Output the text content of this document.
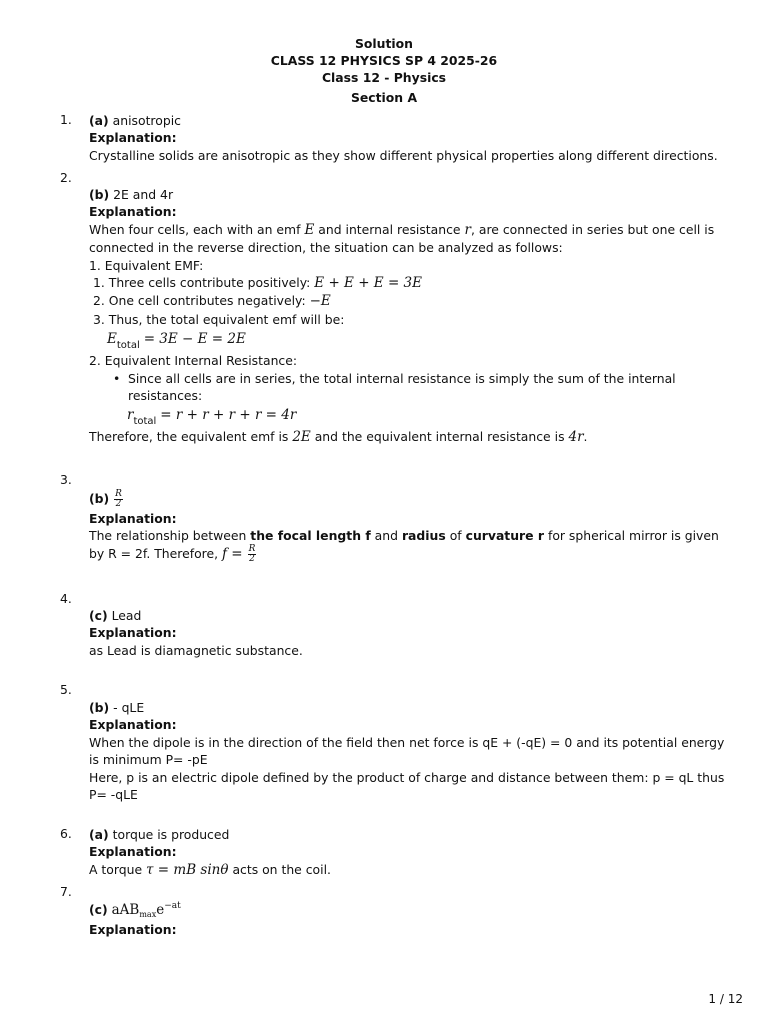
Solution
CLASS 12 PHYSICS SP 4 2025-26
Class 12 - Physics
Section A
1. (a) anisotropic
Explanation:
Crystalline solids are anisotropic as they show different physical properties along different directions.
2.
(b) 2E and 4r
Explanation:
When four cells, each with an emf E and internal resistance r, are connected in series but one cell is connected in the reverse direction, the situation can be analyzed as follows:
1. Equivalent EMF:
1. Three cells contribute positively: E + E + E = 3E
2. One cell contributes negatively: −E
3. Thus, the total equivalent emf will be:
$E_{total} = 3E - E = 2E$
2. Equivalent Internal Resistance:
• Since all cells are in series, the total internal resistance is simply the sum of the internal resistances:
$r_{total} = r + r + r + r = 4r$
Therefore, the equivalent emf is 2E and the equivalent internal resistance is 4r.
3.
$(b) \frac{R}{2}$
Explanation:
The relationship between the focal length f and radius of curvature r for spherical mirror is given by R = 2f. Therefore, $f = \frac{R}{2}$
4.
(c) Lead
Explanation:
as Lead is diamagnetic substance.
5.
(b) - qLE
Explanation:
When the dipole is in the direction of the field then net force is qE + (-qE) = 0 and its potential energy is minimum P= -pE
Here, p is an electric dipole defined by the product of charge and distance between them: p = qL thus P= -qLE
6. (a) torque is produced
Explanation:
A torque τ = mB sinθ acts on the coil.
7.
(c) $aAB_{max}e^{-at}$
Explanation:
1 / 12
